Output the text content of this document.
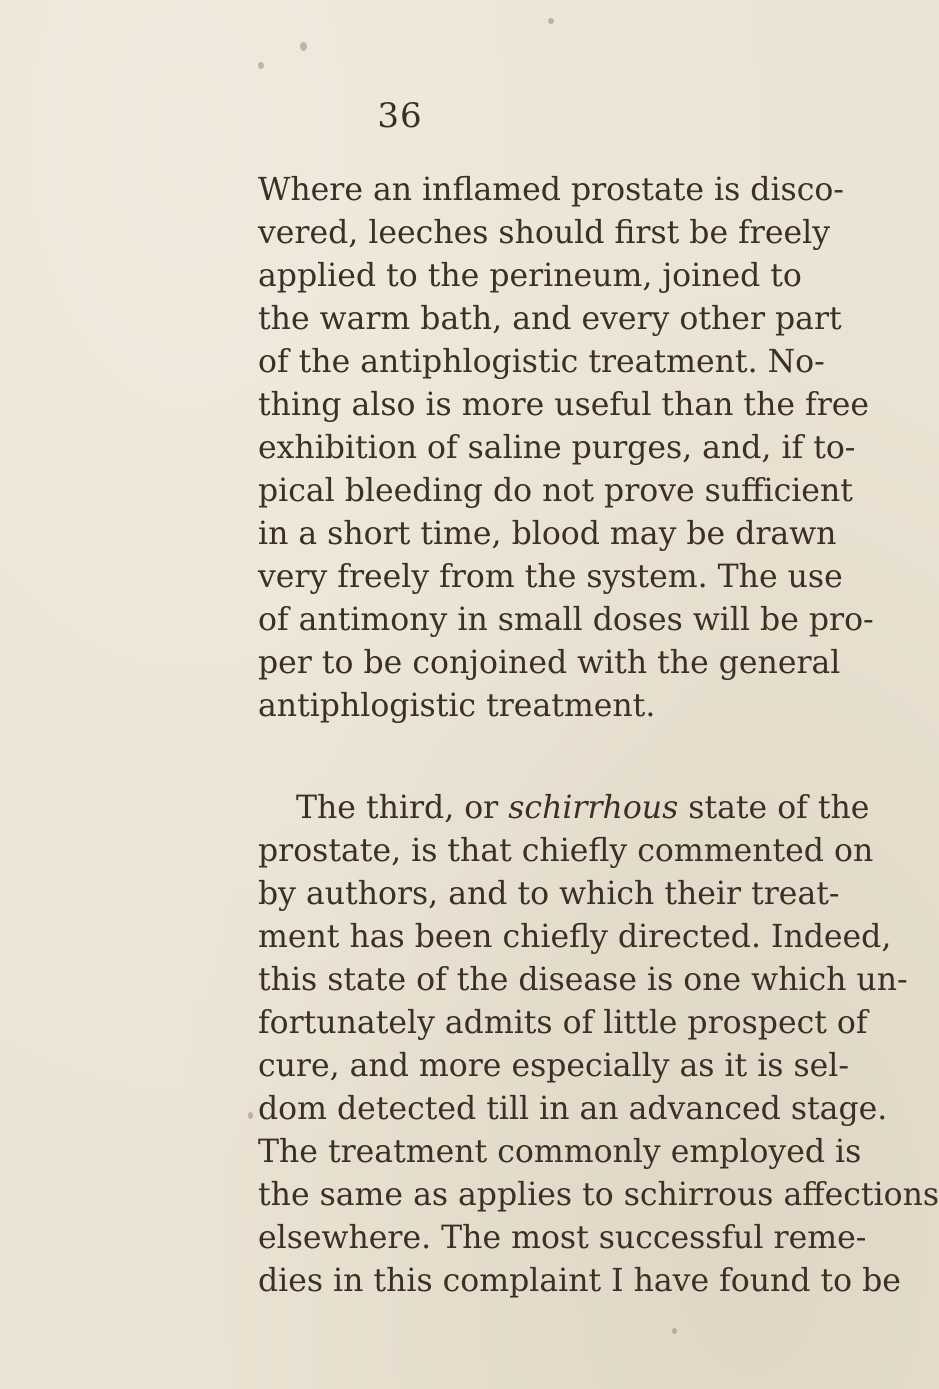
36
Where an inflamed prostate is disco-
vered, leeches should first be freely
applied to the perineum, joined to
the warm bath, and every other part
of the antiphlogistic treatment. No-
thing also is more useful than the free
exhibition of saline purges, and, if to-
pical bleeding do not prove sufficient
in a short time, blood may be drawn
very freely from the system. The use
of antimony in small doses will be pro-
per to be conjoined with the general
antiphlogistic treatment.
The third, or schirrhous state of the
prostate, is that chiefly commented on
by authors, and to which their treat-
ment has been chiefly directed. Indeed,
this state of the disease is one which un-
fortunately admits of little prospect of
cure, and more especially as it is sel-
dom detected till in an advanced stage.
The treatment commonly employed is
the same as applies to schirrous affections
elsewhere. The most successful reme-
dies in this complaint I have found to be
